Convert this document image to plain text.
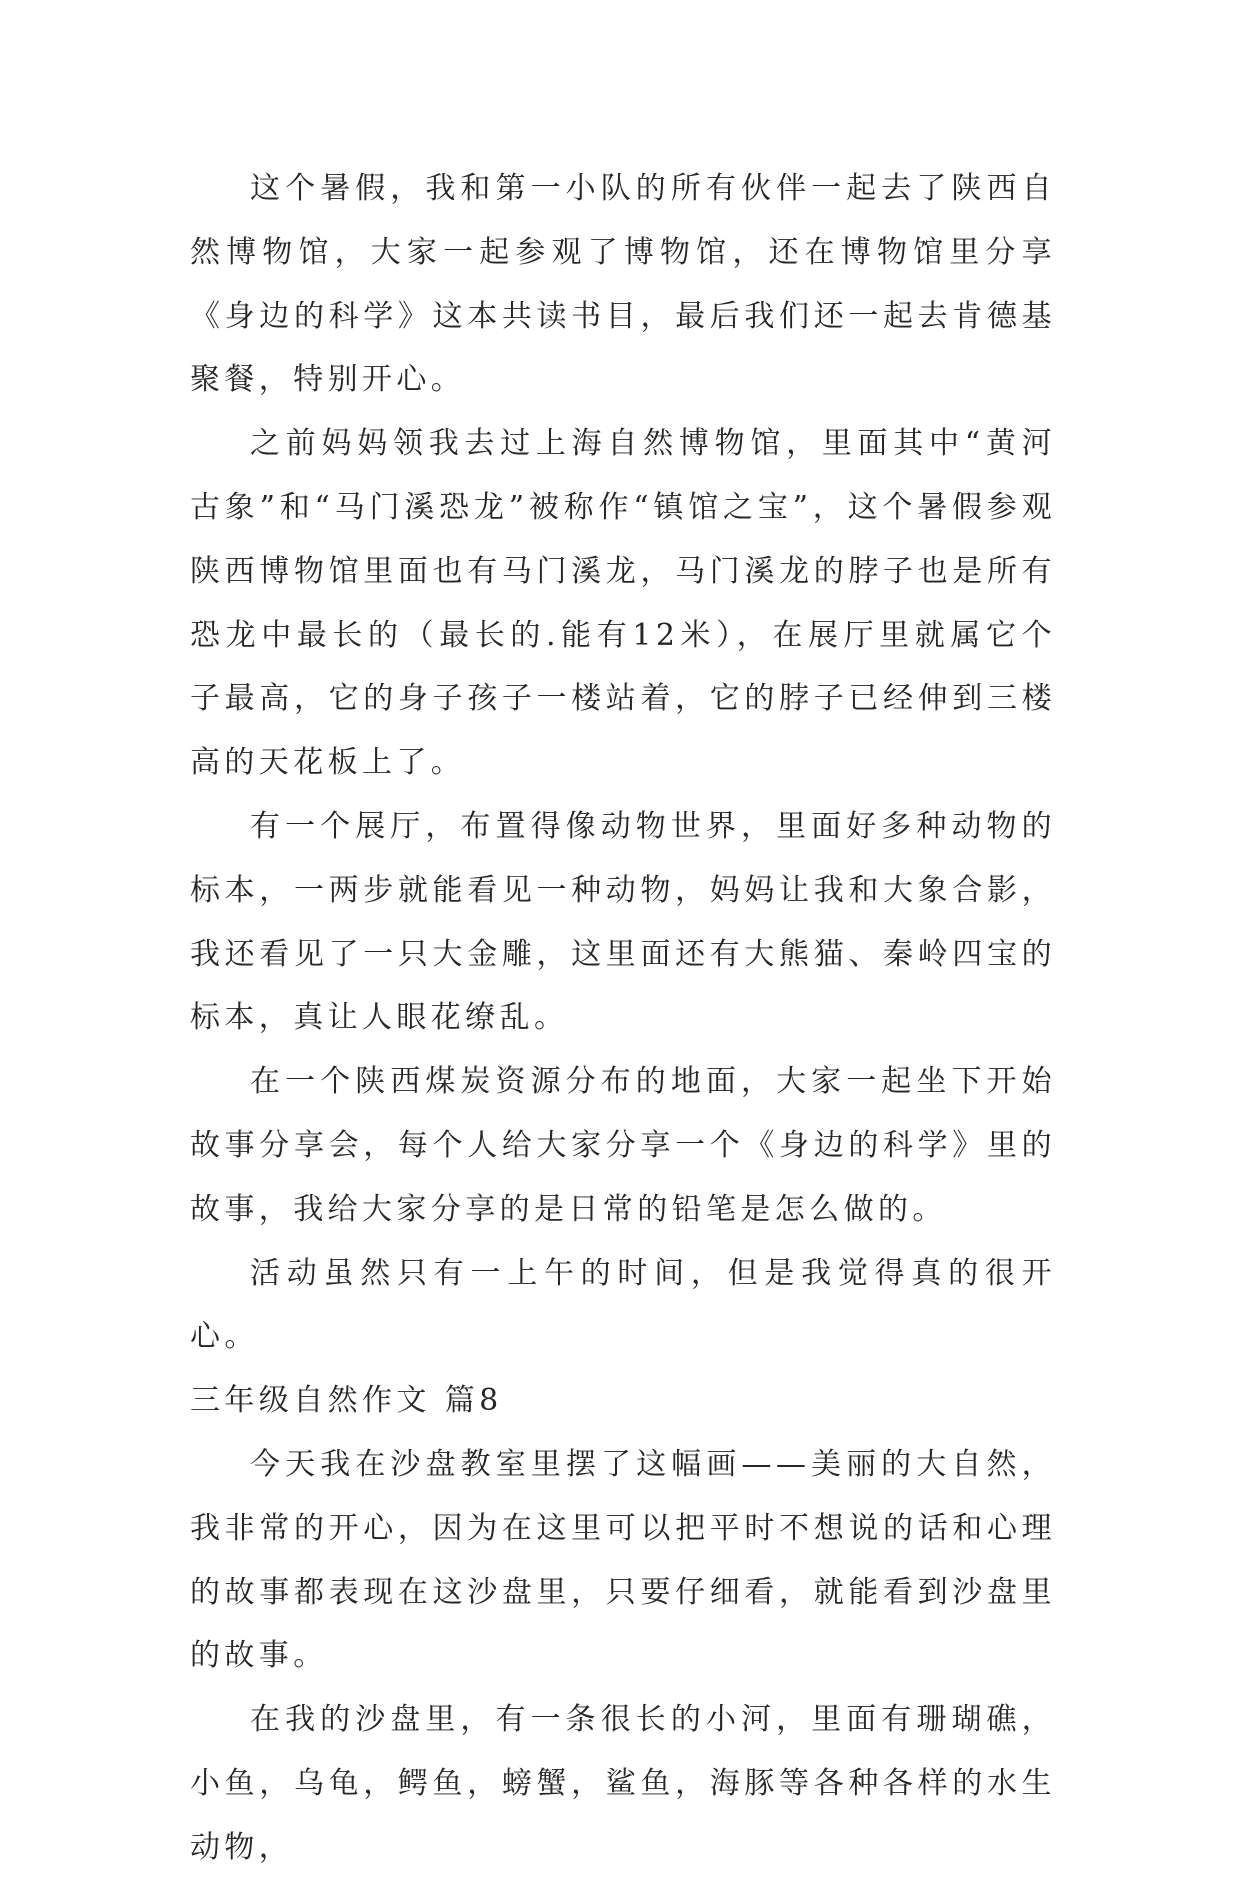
这个暑假，我和第一小队的所有伙伴一起去了陕西自然博物馆，大家一起参观了博物馆，还在博物馆里分享《身边的科学》这本共读书目，最后我们还一起去肯德基聚餐，特别开心。

之前妈妈领我去过上海自然博物馆，里面其中“黄河古象”和“马门溪恐龙”被称作“镇馆之宝”，这个暑假参观陕西博物馆里面也有马门溪龙，马门溪龙的脖子也是所有恐龙中最长的（最长的.能有12米），在展厅里就属它个子最高，它的身子孩子一楼站着，它的脖子已经伸到三楼高的天花板上了。

有一个展厅，布置得像动物世界，里面好多种动物的标本，一两步就能看见一种动物，妈妈让我和大象合影，我还看见了一只大金雕，这里面还有大熊猫、秦岭四宝的标本，真让人眼花缭乱。

在一个陕西煤炭资源分布的地面，大家一起坐下开始故事分享会，每个人给大家分享一个《身边的科学》里的故事，我给大家分享的是日常的铅笔是怎么做的。

活动虽然只有一上午的时间，但是我觉得真的很开心。

三年级自然作文 篇8

今天我在沙盘教室里摆了这幅画——美丽的大自然，我非常的开心，因为在这里可以把平时不想说的话和心理的故事都表现在这沙盘里，只要仔细看，就能看到沙盘里的故事。

在我的沙盘里，有一条很长的小河，里面有珊瑚礁，小鱼，乌龟，鳄鱼，螃蟹，鲨鱼，海豚等各种各样的水生动物，
